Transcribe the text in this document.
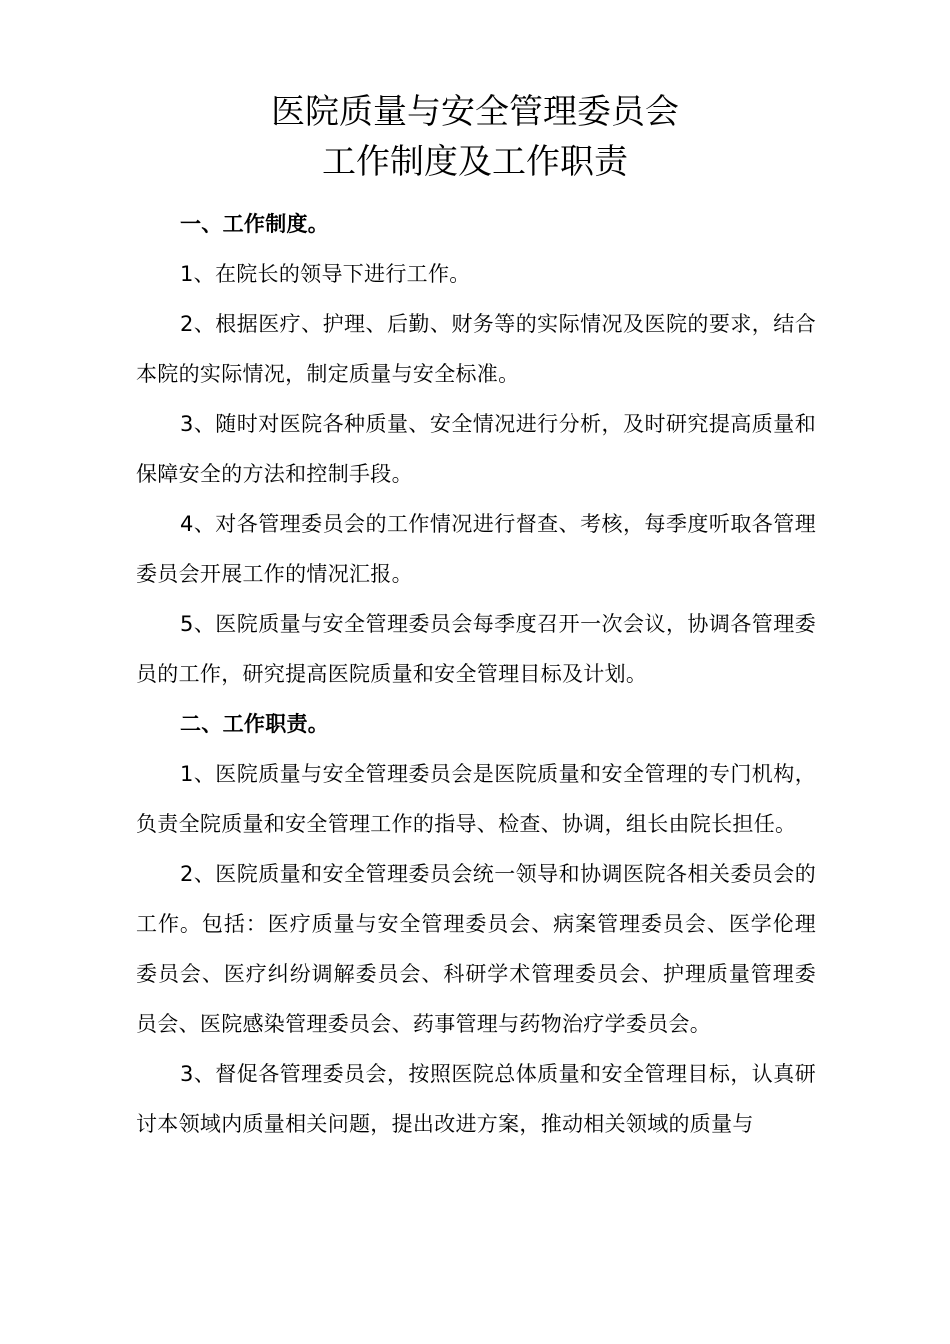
医院质量与安全管理委员会
工作制度及工作职责

一、工作制度。

1、在院长的领导下进行工作。

2、根据医疗、护理、后勤、财务等的实际情况及医院的要求，结合本院的实际情况，制定质量与安全标准。

3、随时对医院各种质量、安全情况进行分析，及时研究提高质量和保障安全的方法和控制手段。

4、对各管理委员会的工作情况进行督查、考核，每季度听取各管理委员会开展工作的情况汇报。

5、医院质量与安全管理委员会每季度召开一次会议，协调各管理委员的工作，研究提高医院质量和安全管理目标及计划。

二、工作职责。

1、医院质量与安全管理委员会是医院质量和安全管理的专门机构，负责全院质量和安全管理工作的指导、检查、协调，组长由院长担任。

2、医院质量和安全管理委员会统一领导和协调医院各相关委员会的工作。包括：医疗质量与安全管理委员会、病案管理委员会、医学伦理委员会、医疗纠纷调解委员会、科研学术管理委员会、护理质量管理委员会、医院感染管理委员会、药事管理与药物治疗学委员会。

3、督促各管理委员会，按照医院总体质量和安全管理目标，认真研讨本领域内质量相关问题，提出改进方案，推动相关领域的质量与
